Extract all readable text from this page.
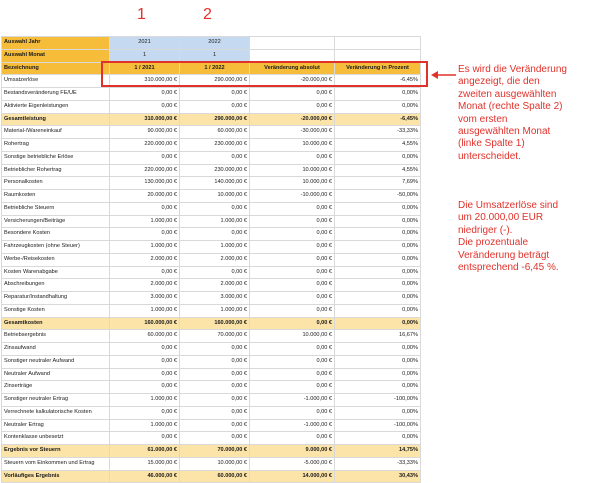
1	2
Auswahl Jahr	2021	2022		
Auswahl Monat	1	1		
Bezeichnung	1 / 2021	1 / 2022	Veränderung absolut	Veränderung in Prozent
Umsatzerlöse	310.000,00 €	290.000,00 €	-20.000,00 €	-6,45%
Bestandsveränderung FE/UE	0,00 €	0,00 €	0,00 €	0,00%
Aktivierte Eigenleistungen	0,00 €	0,00 €	0,00 €	0,00%
Gesamtleistung	310.000,00 €	290.000,00 €	-20.000,00 €	-6,45%
Material-/Wareneinkauf	90.000,00 €	60.000,00 €	-30.000,00 €	-33,33%
Rohertrag	220.000,00 €	230.000,00 €	10.000,00 €	4,55%
Sonstige betriebliche Erlöse	0,00 €	0,00 €	0,00 €	0,00%
Betrieblicher Rohertrag	220.000,00 €	230.000,00 €	10.000,00 €	4,55%
Personalkosten	130.000,00 €	140.000,00 €	10.000,00 €	7,69%
Raumkosten	20.000,00 €	10.000,00 €	-10.000,00 €	-50,00%
Betriebliche Steuern	0,00 €	0,00 €	0,00 €	0,00%
Versicherungen/Beiträge	1.000,00 €	1.000,00 €	0,00 €	0,00%
Besondere Kosten	0,00 €	0,00 €	0,00 €	0,00%
Fahrzeugkosten (ohne Steuer)	1.000,00 €	1.000,00 €	0,00 €	0,00%
Werbe-/Reisekosten	2.000,00 €	2.000,00 €	0,00 €	0,00%
Kosten Warenabgabe	0,00 €	0,00 €	0,00 €	0,00%
Abschreibungen	2.000,00 €	2.000,00 €	0,00 €	0,00%
Reparatur/Instandhaltung	3.000,00 €	3.000,00 €	0,00 €	0,00%
Sonstige Kosten	1.000,00 €	1.000,00 €	0,00 €	0,00%
Gesamtkosten	160.000,00 €	160.000,00 €	0,00 €	0,00%
Betriebsergebnis	60.000,00 €	70.000,00 €	10.000,00 €	16,67%
Zinsaufwand	0,00 €	0,00 €	0,00 €	0,00%
Sonstiger neutraler Aufwand	0,00 €	0,00 €	0,00 €	0,00%
Neutraler Aufwand	0,00 €	0,00 €	0,00 €	0,00%
Zinserträge	0,00 €	0,00 €	0,00 €	0,00%
Sonstiger neutraler Ertrag	1.000,00 €	0,00 €	-1.000,00 €	-100,00%
Verrechnete kalkulatorische Kosten	0,00 €	0,00 €	0,00 €	0,00%
Neutraler Ertrag	1.000,00 €	0,00 €	-1.000,00 €	-100,00%
Kontenklasse unbesetzt	0,00 €	0,00 €	0,00 €	0,00%
Ergebnis vor Steuern	61.000,00 €	70.000,00 €	9.000,00 €	14,75%
Steuern vom Einkommen und Ertrag	15.000,00 €	10.000,00 €	-5.000,00 €	-33,33%
Vorläufiges Ergebnis	46.000,00 €	60.000,00 €	14.000,00 €	30,43%
Es wird die Veränderung
angezeigt, die den
zweiten ausgewählten
Monat (rechte Spalte 2)
vom ersten
ausgewählten Monat
(linke Spalte 1)
unterscheidet.
Die Umsatzerlöse sind
um 20.000,00 EUR
niedriger (-).
Die prozentuale
Veränderung beträgt
entsprechend -6,45 %.
